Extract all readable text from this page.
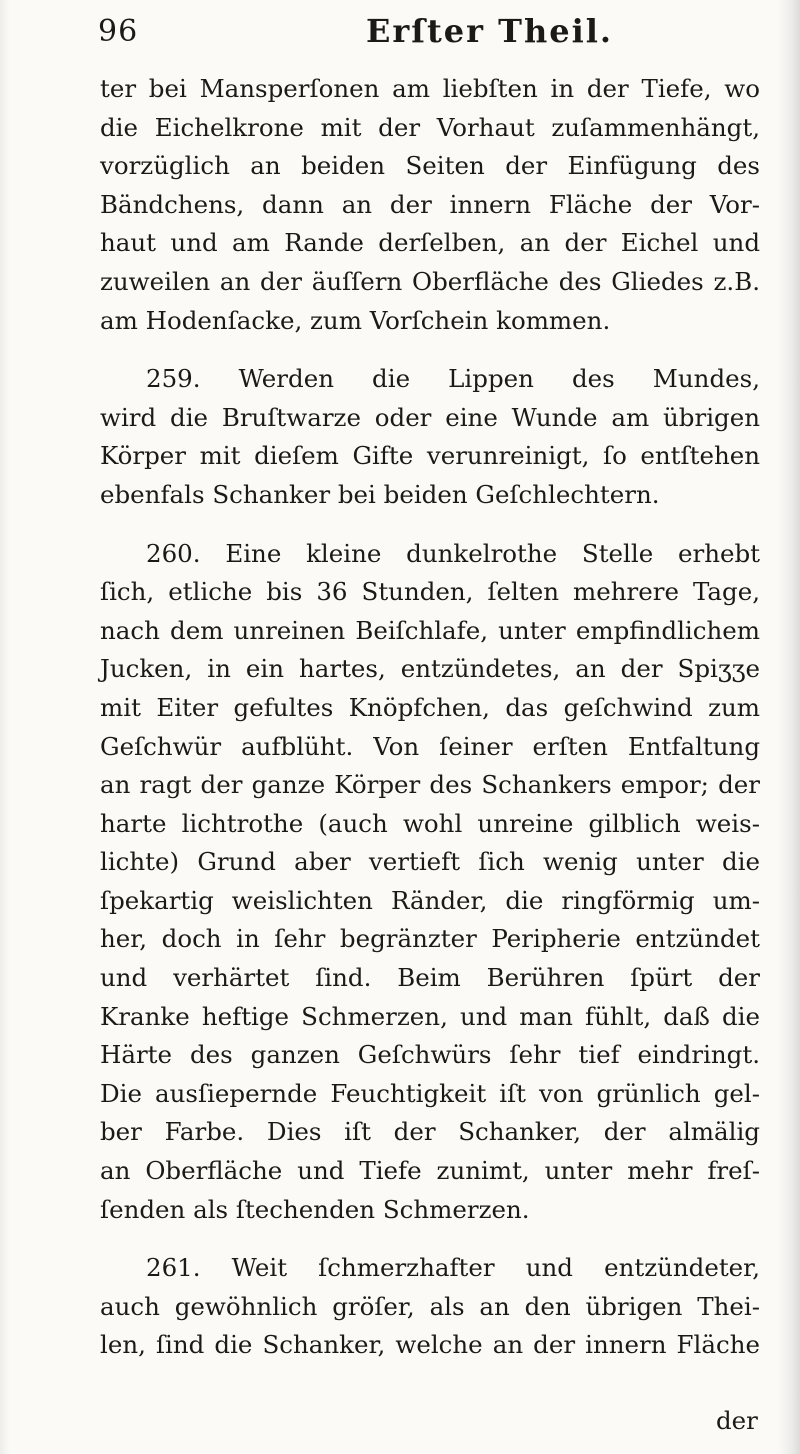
96	Erſter Theil.
ter bei Mansperſonen am liebſten in der Tiefe, wo
die Eichelkrone mit der Vorhaut zuſammenhängt,
vorzüglich an beiden Seiten der Einfügung des
Bändchens, dann an der innern Fläche der Vor-
haut und am Rande derſelben, an der Eichel und
zuweilen an der äuſſern Oberfläche des Gliedes z.B.
am Hodenſacke, zum Vorſchein kommen.
259. Werden die Lippen des Mundes,
wird die Bruſtwarze oder eine Wunde am übrigen
Körper mit dieſem Gifte verunreinigt, ſo entſtehen
ebenfals Schanker bei beiden Geſchlechtern.
260. Eine kleine dunkelrothe Stelle erhebt
ſich, etliche bis 36 Stunden, ſelten mehrere Tage,
nach dem unreinen Beiſchlafe, unter empfindlichem
Jucken, in ein hartes, entzündetes, an der Spiʒʒe
mit Eiter gefultes Knöpfchen, das geſchwind zum
Geſchwür aufblüht. Von ſeiner erſten Entfaltung
an ragt der ganze Körper des Schankers empor; der
harte lichtrothe (auch wohl unreine gilblich weis-
lichte) Grund aber vertieft ſich wenig unter die
ſpekartig weislichten Ränder, die ringförmig um-
her, doch in ſehr begränzter Peripherie entzündet
und verhärtet ſind. Beim Berühren ſpürt der
Kranke heftige Schmerzen, und man fühlt, daß die
Härte des ganzen Geſchwürs ſehr tief eindringt.
Die ausſiepernde Feuchtigkeit iſt von grünlich gel-
ber Farbe. Dies iſt der Schanker, der almälig
an Oberfläche und Tiefe zunimt, unter mehr freſ-
ſenden als ſtechenden Schmerzen.
261. Weit ſchmerzhafter und entzündeter,
auch gewöhnlich gröſer, als an den übrigen Thei-
len, ſind die Schanker, welche an der innern Fläche
der
